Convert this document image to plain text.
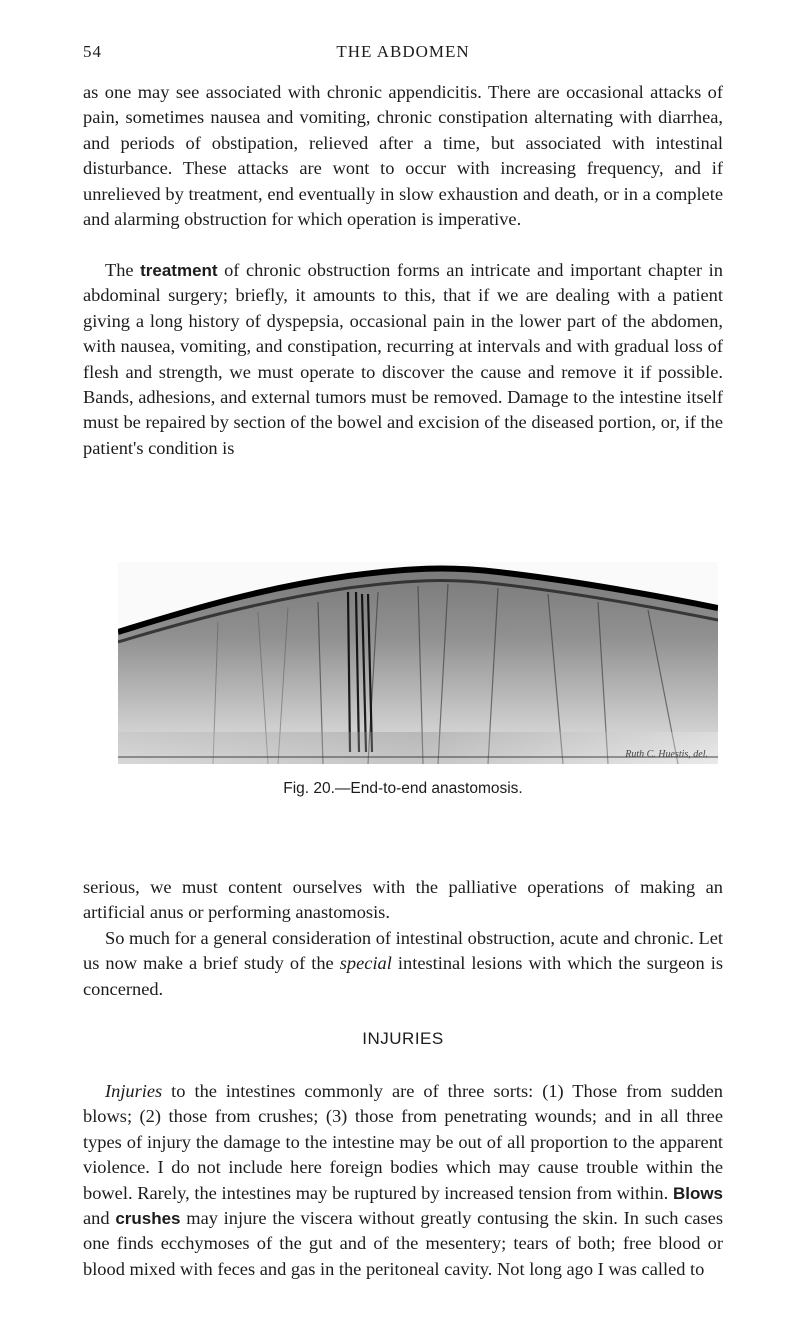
54	THE ABDOMEN

as one may see associated with chronic appendicitis. There are occasional attacks of pain, sometimes nausea and vomiting, chronic constipation alternating with diarrhea, and periods of obstipation, relieved after a time, but associated with intestinal disturbance. These attacks are wont to occur with increasing frequency, and if unrelieved by treatment, end eventually in slow exhaustion and death, or in a complete and alarming obstruction for which operation is imperative.

The treatment of chronic obstruction forms an intricate and important chapter in abdominal surgery; briefly, it amounts to this, that if we are dealing with a patient giving a long history of dyspepsia, occasional pain in the lower part of the abdomen, with nausea, vomiting, and constipation, recurring at intervals and with gradual loss of flesh and strength, we must operate to discover the cause and remove it if possible. Bands, adhesions, and external tumors must be removed. Damage to the intestine itself must be repaired by section of the bowel and excision of the diseased portion, or, if the patient's condition is

Ruth C. Huestis, del.
Fig. 20.—End-to-end anastomosis.

serious, we must content ourselves with the palliative operations of making an artificial anus or performing anastomosis.

So much for a general consideration of intestinal obstruction, acute and chronic. Let us now make a brief study of the special intestinal lesions with which the surgeon is concerned.

INJURIES

Injuries to the intestines commonly are of three sorts: (1) Those from sudden blows; (2) those from crushes; (3) those from penetrating wounds; and in all three types of injury the damage to the intestine may be out of all proportion to the apparent violence. I do not include here foreign bodies which may cause trouble within the bowel. Rarely, the intestines may be ruptured by increased tension from within. Blows and crushes may injure the viscera without greatly contusing the skin. In such cases one finds ecchymoses of the gut and of the mesentery; tears of both; free blood or blood mixed with feces and gas in the peritoneal cavity. Not long ago I was called to
